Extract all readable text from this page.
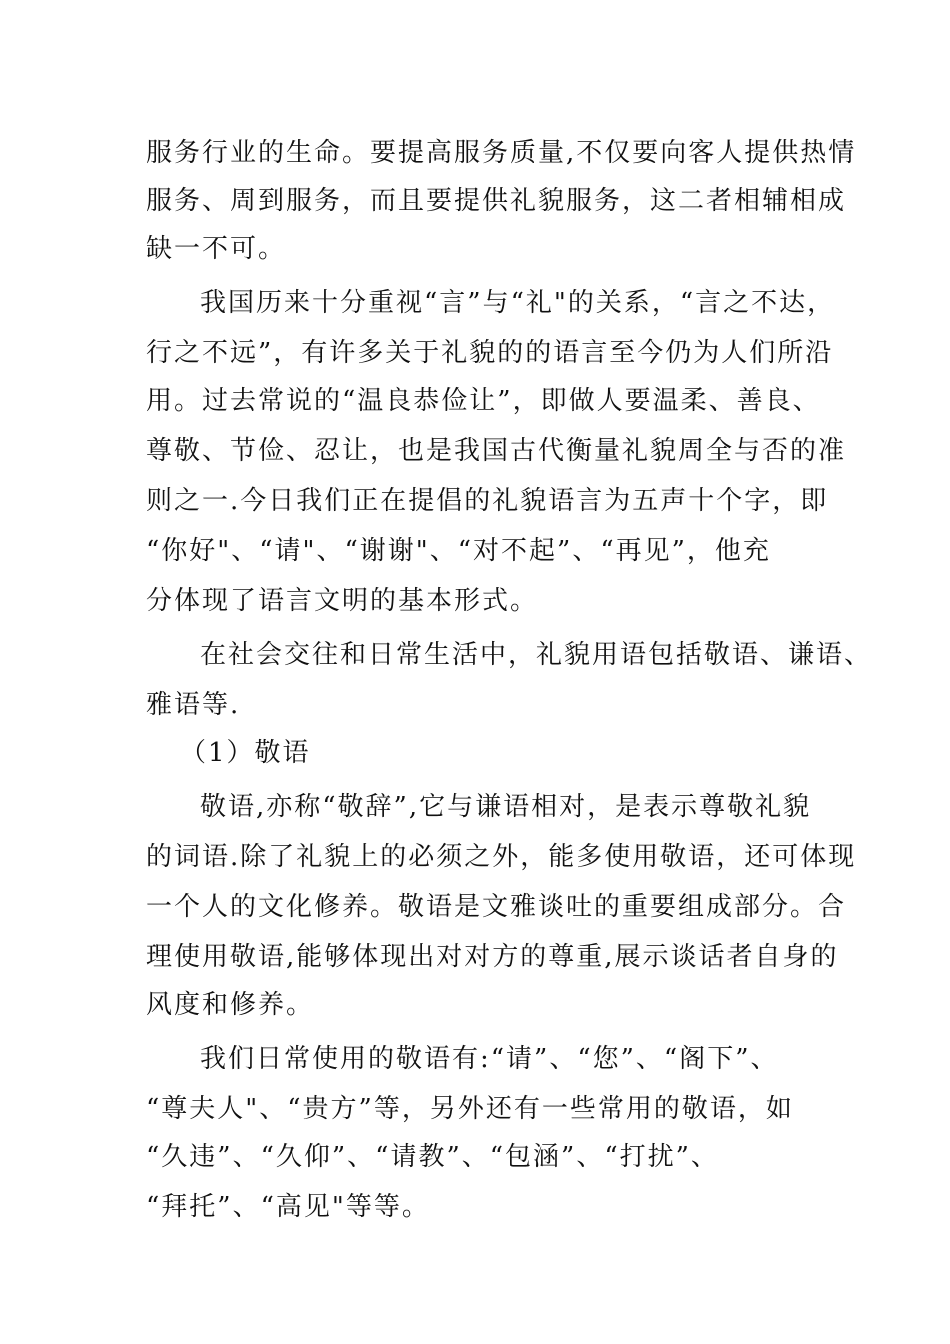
服务行业的生命。要提高服务质量,不仅要向客人提供热情
服务、周到服务，而且要提供礼貌服务，这二者相辅相成
缺一不可。
我国历来十分重视“言”与“礼"的关系，“言之不达，
行之不远”，有许多关于礼貌的的语言至今仍为人们所沿
用。过去常说的“温良恭俭让”，即做人要温柔、善良、
尊敬、节俭、忍让，也是我国古代衡量礼貌周全与否的准
则之一.今日我们正在提倡的礼貌语言为五声十个字，即
“你好"、“请"、“谢谢"、“对不起”、“再见”，他充
分体现了语言文明的基本形式。
在社会交往和日常生活中，礼貌用语包括敬语、谦语、
雅语等.
（1）敬语
敬语,亦称“敬辞”,它与谦语相对，是表示尊敬礼貌
的词语.除了礼貌上的必须之外，能多使用敬语，还可体现
一个人的文化修养。敬语是文雅谈吐的重要组成部分。合
理使用敬语,能够体现出对对方的尊重,展示谈话者自身的
风度和修养。
我们日常使用的敬语有:“请”、“您”、“阁下”、
“尊夫人"、“贵方”等，另外还有一些常用的敬语，如
“久违”、“久仰”、“请教”、“包涵”、“打扰”、
“拜托”、“高见"等等。
